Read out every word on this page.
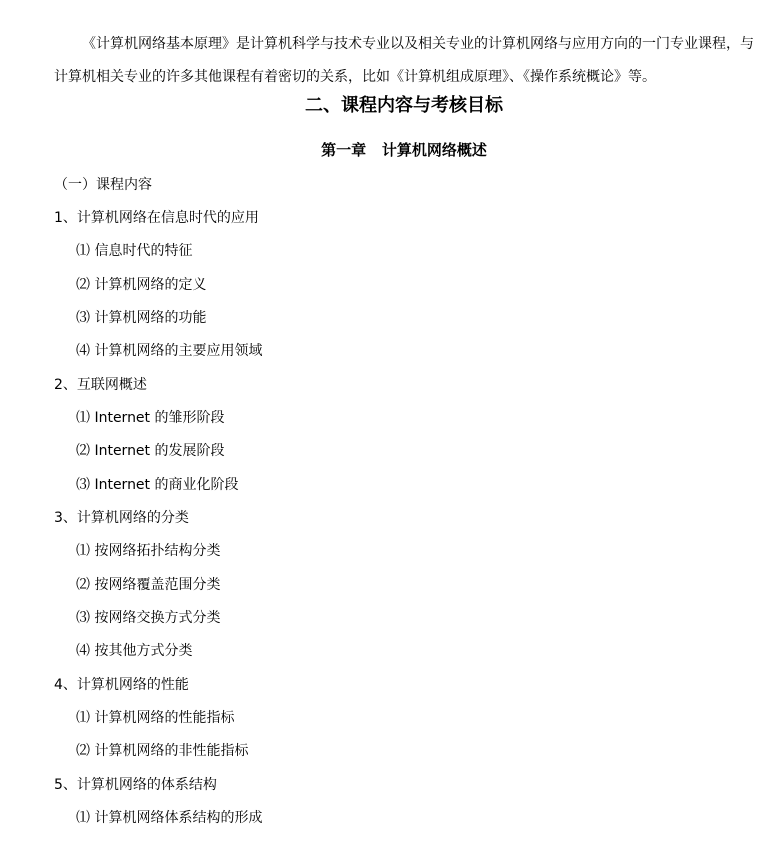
《计算机网络基本原理》是计算机科学与技术专业以及相关专业的计算机网络与应用方向的一门专业课程，与
计算机相关专业的许多其他课程有着密切的关系，比如《计算机组成原理》、《操作系统概论》等。

二、课程内容与考核目标
第一章   计算机网络概述

（一）课程内容

1、计算机网络在信息时代的应用

⑴ 信息时代的特征

⑵ 计算机网络的定义

⑶ 计算机网络的功能

⑷ 计算机网络的主要应用领域

2、互联网概述

⑴ Internet 的雏形阶段

⑵ Internet 的发展阶段

⑶ Internet 的商业化阶段

3、计算机网络的分类

⑴ 按网络拓扑结构分类

⑵ 按网络覆盖范围分类

⑶ 按网络交换方式分类

⑷ 按其他方式分类

4、计算机网络的性能

⑴ 计算机网络的性能指标

⑵ 计算机网络的非性能指标

5、计算机网络的体系结构

⑴ 计算机网络体系结构的形成
